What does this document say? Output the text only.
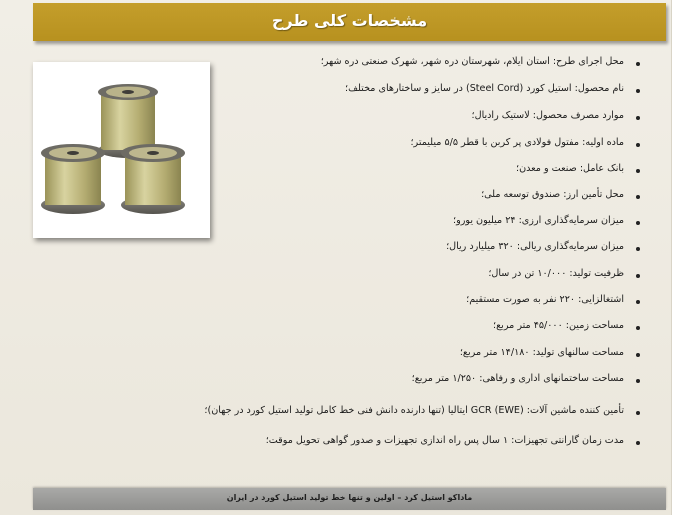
مشخصات کلی طرح
محل اجرای طرح: استان ایلام، شهرستان دره شهر، شهرک صنعتی دره شهر؛
نام محصول: استیل کورد (Steel Cord) در سایز و ساختارهای مختلف؛
موارد مصرف محصول: لاستیک رادیال؛
ماده اولیه: مفتول فولادی پر کربن با قطر ۵/۵ میلیمتر؛
بانک عامل: صنعت و معدن؛
محل تأمین ارز: صندوق توسعه ملی؛
میزان سرمایه‌گذاری ارزی: ۲۴ میلیون یورو؛
میزان سرمایه‌گذاری ریالی: ۳۲۰ میلیارد ریال؛
ظرفیت تولید: ۱۰/۰۰۰ تن در سال؛
اشتغالزایی: ۲۲۰ نفر به صورت مستقیم؛
مساحت زمین: ۴۵/۰۰۰ متر مربع؛
مساحت سالنهای تولید: ۱۴/۱۸۰ متر مربع؛
مساحت ساختمانهای اداری و رفاهی: ۱/۲۵۰ متر مربع؛
تأمین کننده ماشین آلات: GCR (EWE) ایتالیا (تنها دارنده دانش فنی خط کامل تولید استیل کورد در جهان)؛
مدت زمان گارانتی تجهیزات: ۱ سال پس راه اندازی تجهیزات و صدور گواهی تحویل موقت؛
ماداکو استیل کرد – اولین و تنها خط تولید استیل کورد در ایران
